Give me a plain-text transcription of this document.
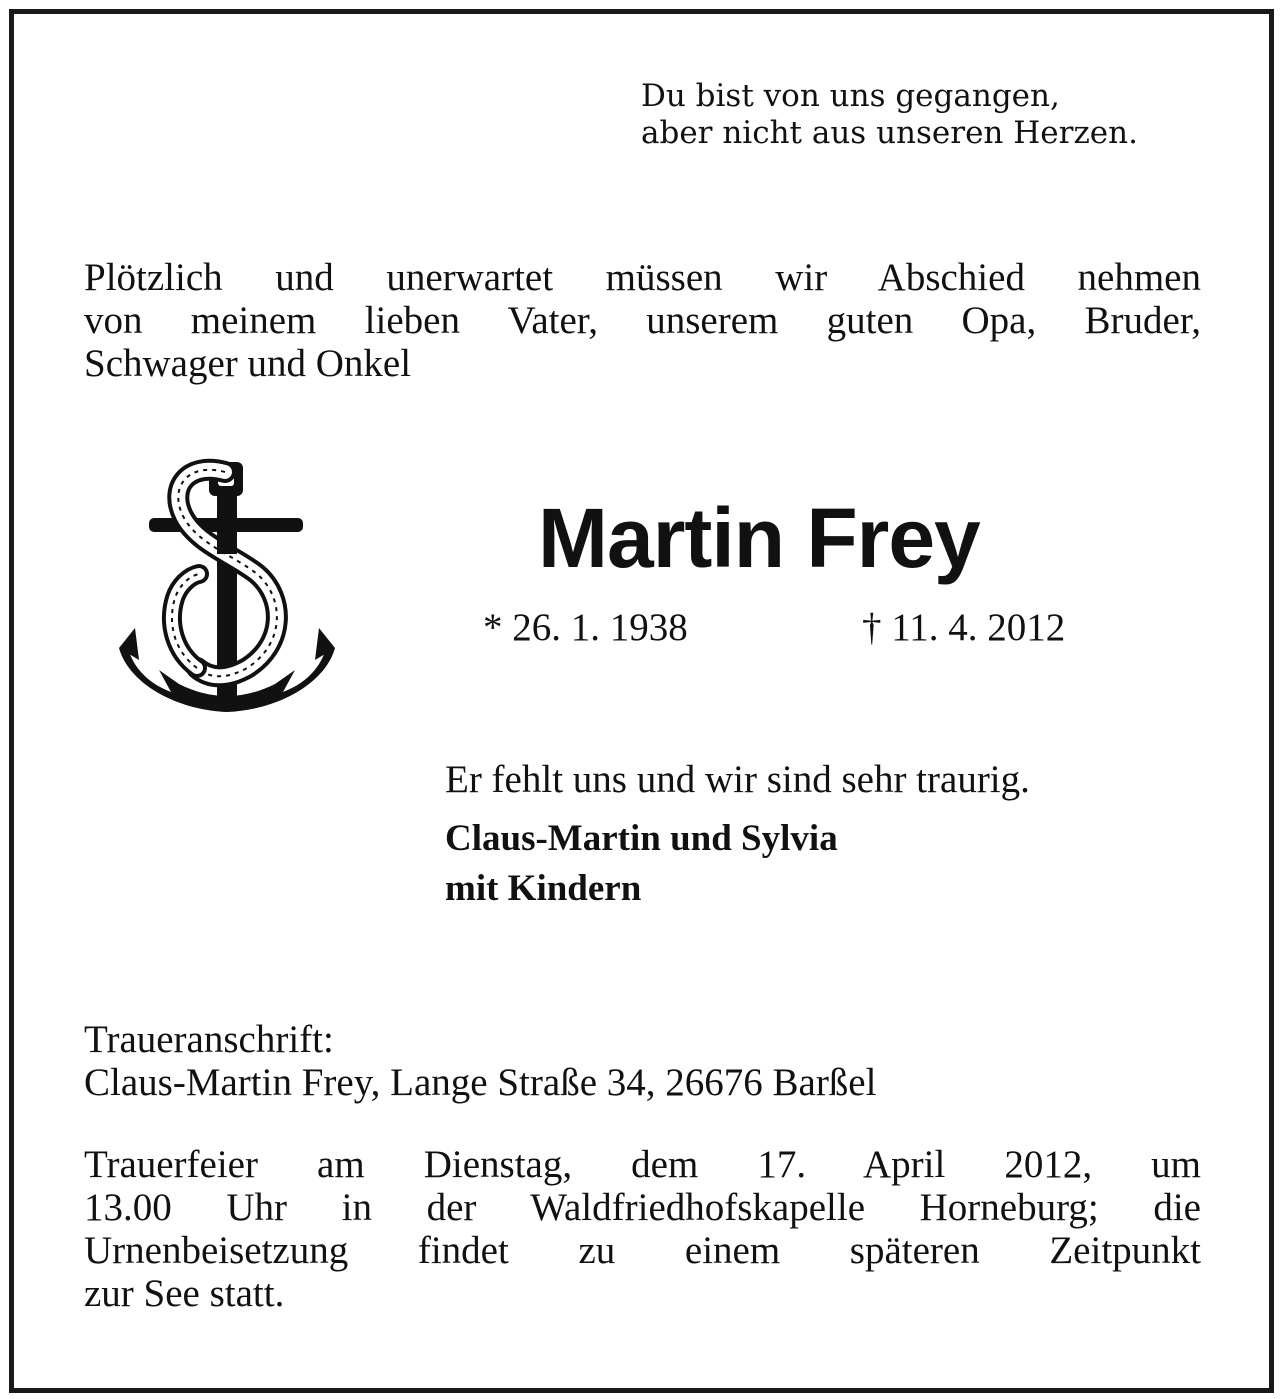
Du bist von uns gegangen,
aber nicht aus unseren Herzen.
Plötzlich und unerwartet müssen wir Abschied nehmen
von meinem lieben Vater, unserem guten Opa, Bruder,
Schwager und Onkel
Martin Frey
* 26. 1. 1938	† 11. 4. 2012
Er fehlt uns und wir sind sehr traurig.
Claus-Martin und Sylvia
mit Kindern
Traueranschrift:
Claus-Martin Frey, Lange Straße 34, 26676 Barßel
Trauerfeier am Dienstag, dem 17. April 2012, um
13.00 Uhr in der Waldfriedhofskapelle Horneburg; die
Urnenbeisetzung findet zu einem späteren Zeitpunkt
zur See statt.
